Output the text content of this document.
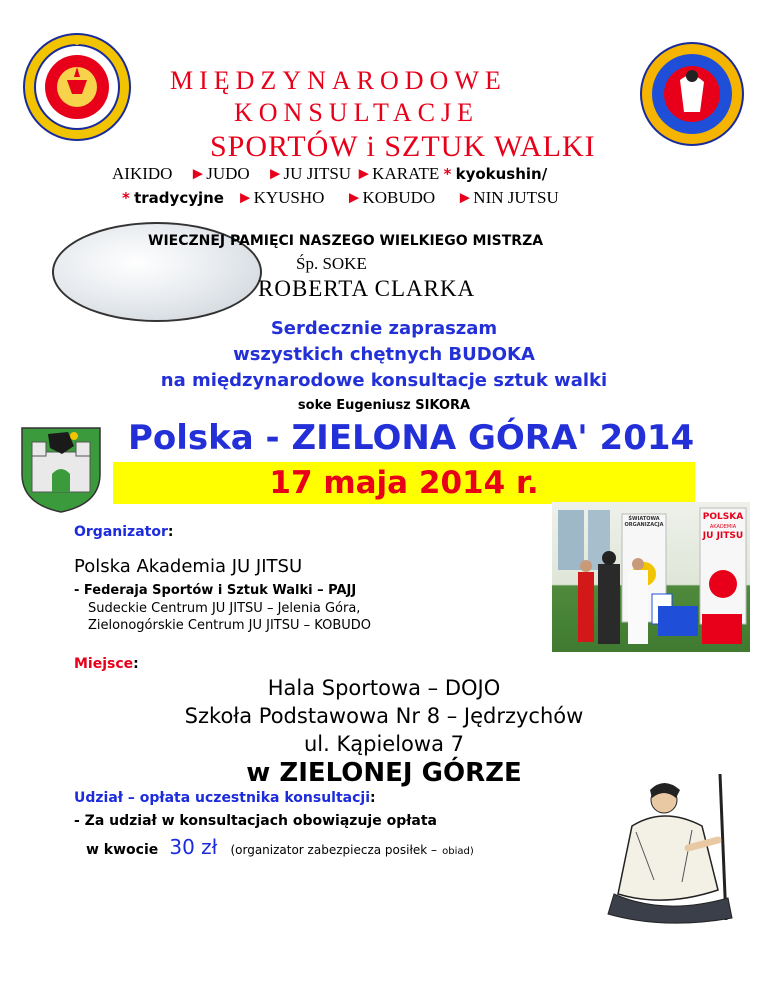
MIĘDZYNARODOWE
KONSULTACJE
SPORTÓW i SZTUK WALKI
AIKIDO ►JUDO ►JU JITSU ►KARATE * kyokushin/
* tradycyjne ►KYUSHO ►KOBUDO ►NIN JUTSU
WIECZNEJ PAMIĘCI NASZEGO WIELKIEGO MISTRZA
Śp. SOKE
ROBERTA CLARKA
Serdecznie zapraszam
wszystkich chętnych BUDOKA
na międzynarodowe konsultacje sztuk walki
soke Eugeniusz SIKORA
Polska - ZIELONA GÓRA' 2014
17 maja 2014 r.
Organizator:
Polska Akademia JU JITSU
- Federaja Sportów i Sztuk Walki – PAJJ
Sudeckie Centrum JU JITSU – Jelenia Góra,
Zielonogórskie Centrum JU JITSU – KOBUDO
ŚWIATOWA ORGANIZACJA
POLSKA
AKADEMIA
JU JITSU
Miejsce:
Hala Sportowa – DOJO
Szkoła Podstawowa Nr 8 – Jędrzychów
ul. Kąpielowa 7
w ZIELONEJ GÓRZE
Udział – opłata uczestnika konsultacji:
- Za udział w konsultacjach obowiązuje opłata
w kwocie 30 zł (organizator zabezpiecza posiłek – obiad)
